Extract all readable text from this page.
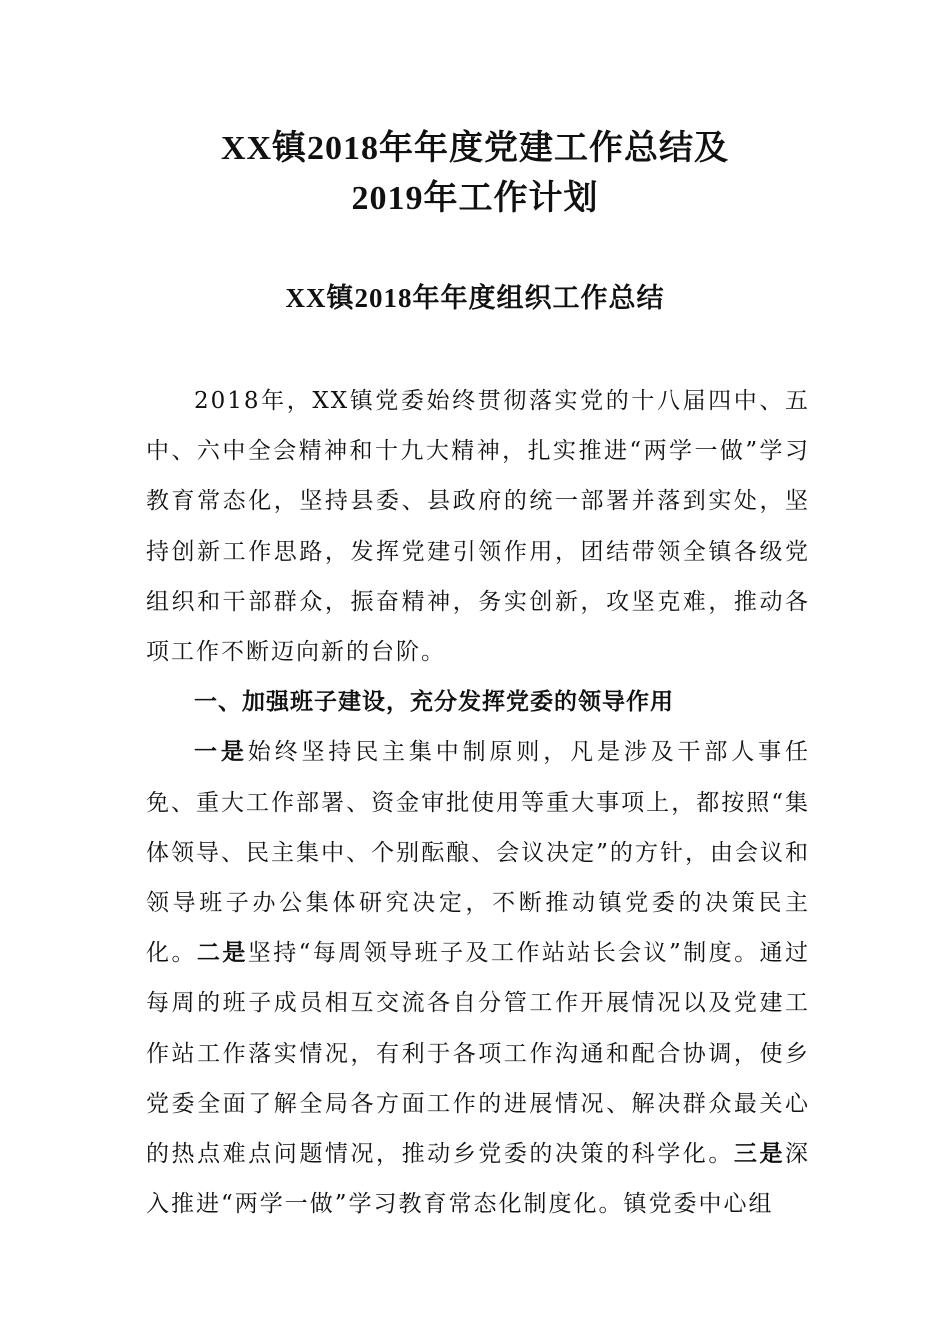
XX镇2018年年度党建工作总结及
2019年工作计划
XX镇2018年年度组织工作总结

2018年，XX镇党委始终贯彻落实党的十八届四中、五中、六中全会精神和十九大精神，扎实推进“两学一做”学习教育常态化，坚持县委、县政府的统一部署并落到实处，坚持创新工作思路，发挥党建引领作用，团结带领全镇各级党组织和干部群众，振奋精神，务实创新，攻坚克难，推动各项工作不断迈向新的台阶。

一、加强班子建设，充分发挥党委的领导作用

一是始终坚持民主集中制原则，凡是涉及干部人事任免、重大工作部署、资金审批使用等重大事项上，都按照“集体领导、民主集中、个别酝酿、会议决定”的方针，由会议和领导班子办公集体研究决定，不断推动镇党委的决策民主化。二是坚持“每周领导班子及工作站站长会议”制度。通过每周的班子成员相互交流各自分管工作开展情况以及党建工作站工作落实情况，有利于各项工作沟通和配合协调，使乡党委全面了解全局各方面工作的进展情况、解决群众最关心的热点难点问题情况，推动乡党委的决策的科学化。三是深入推进“两学一做”学习教育常态化制度化。镇党委中心组
